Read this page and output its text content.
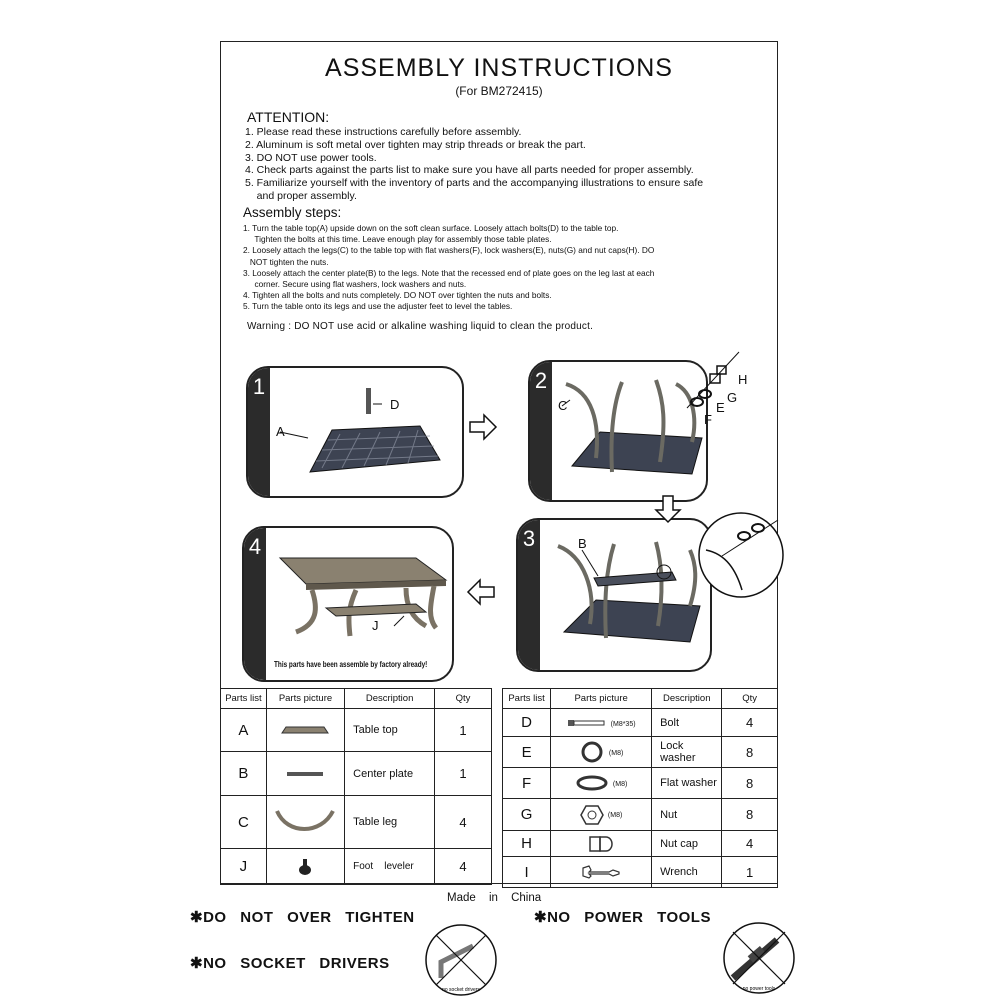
ASSEMBLY INSTRUCTIONS
(For BM272415)
ATTENTION:
1. Please read these instructions carefully before assembly.
2. Aluminum is soft metal over tighten may strip threads or break the part.
3. DO NOT use power tools.
4. Check parts against the parts list to make sure you have all parts needed for proper assembly.
5. Familiarize yourself with the inventory of parts and the accompanying illustrations to ensure safe
and proper assembly.
Assembly steps:
1. Turn the table top(A) upside down on the soft clean surface. Loosely attach bolts(D) to the table top.
Tighten the bolts at this time. Leave enough play for assembly those table plates.
2. Loosely attach the legs(C) to the table top with flat washers(F), lock washers(E), nuts(G) and nut caps(H). DO
NOT tighten the nuts.
3. Loosely attach the center plate(B) to the legs. Note that the recessed end of plate goes on the leg last at each
corner. Secure using flat washers, lock washers and nuts.
4. Tighten all the bolts and nuts completely. DO NOT over tighten the nuts and bolts.
5. Turn the table onto its legs and use the adjuster feet to level the tables.
Warning : DO NOT use acid or alkaline washing liquid to clean the product.
1
A
D
2
C
H
G
E
F
3	B
4
J
This parts have been assemble by factory already!
Parts list	Parts picture	Description	Qty
A		Table top	1
B		Center plate	1
C		Table leg	4
J		Foot    leveler	4
Parts list	Parts picture	Description	Qty
D	(M8*35)	Bolt	4
E	(M8)	Lock washer	8
F	(M8)	Flat washer	8
G	(M8)	Nut	8
H		Nut cap	4
I		Wrench	1
Made in China
✱DO NOT OVER TIGHTEN	✱NO POWER TOOLS
✱NO SOCKET DRIVERS
no socket drivers	no power tools
